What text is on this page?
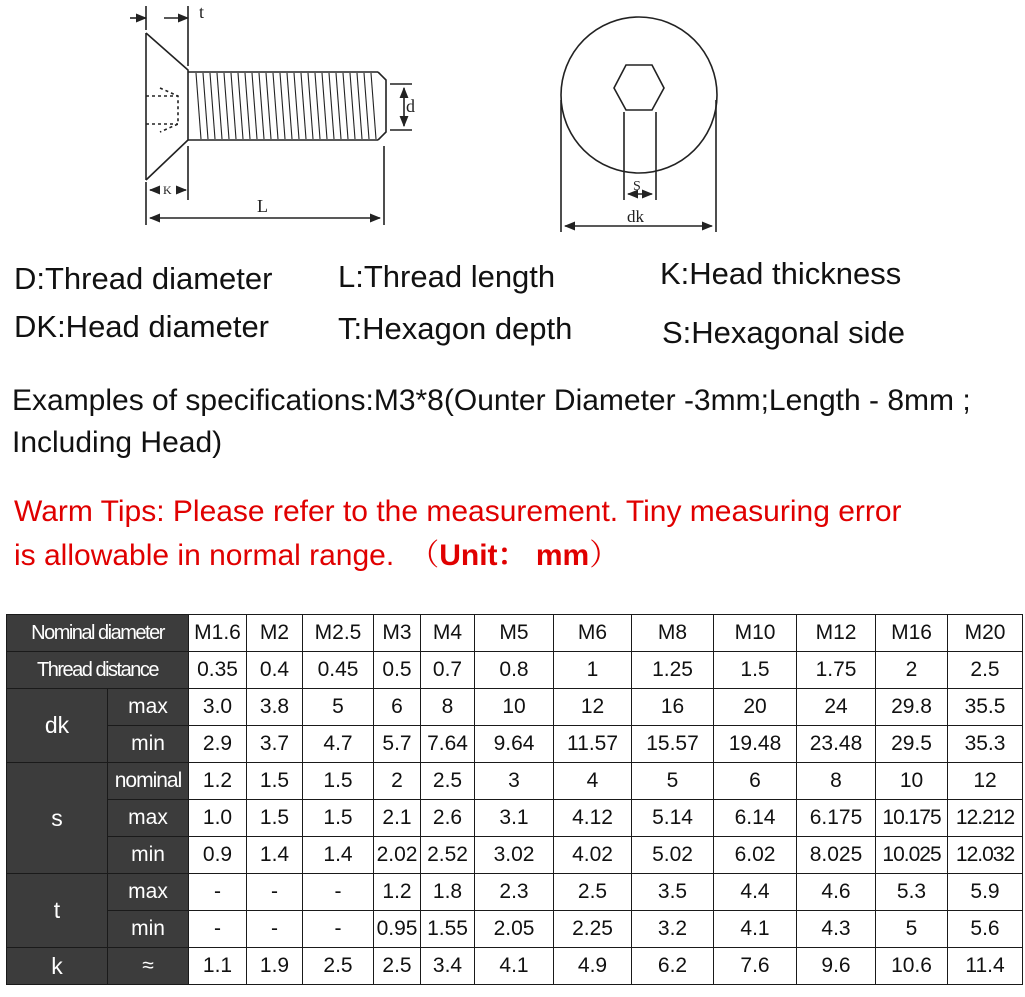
t
d
K
L
S
dk
D:Thread diameter L:Thread length	K:Head thickness
DK:Head diameter T:Hexagon depth	S:Hexagonal side
Examples of specifications:M3*8(Ounter Diameter -3mm;Length - 8mm ;
Including Head)
Warm Tips: Please refer to the measurement. Tiny measuring error
is allowable in normal range.　（Unit： mm）
Nominal diameter		M1.6	M2	M2.5	M3	M4	M5	M6	M8	M10	M12	M16	M20
Thread distance		0.35	0.4	0.45	0.5	0.7	0.8	1	1.25	1.5	1.75	2	2.5
dk	max	3.0	3.8	5	6	8	10	12	16	20	24	29.8	35.5
	min	2.9	3.7	4.7	5.7	7.64	9.64	11.57	15.57	19.48	23.48	29.5	35.3
s	nominal	1.2	1.5	1.5	2	2.5	3	4	5	6	8	10	12
	max	1.0	1.5	1.5	2.1	2.6	3.1	4.12	5.14	6.14	6.175	10.175	12.212
	min	0.9	1.4	1.4	2.02	2.52	3.02	4.02	5.02	6.02	8.025	10.025	12.032
t	max	-	-	-	1.2	1.8	2.3	2.5	3.5	4.4	4.6	5.3	5.9
	min	-	-	-	0.95	1.55	2.05	2.25	3.2	4.1	4.3	5	5.6
k	≈	1.1	1.9	2.5	2.5	3.4	4.1	4.9	6.2	7.6	9.6	10.6	11.4
